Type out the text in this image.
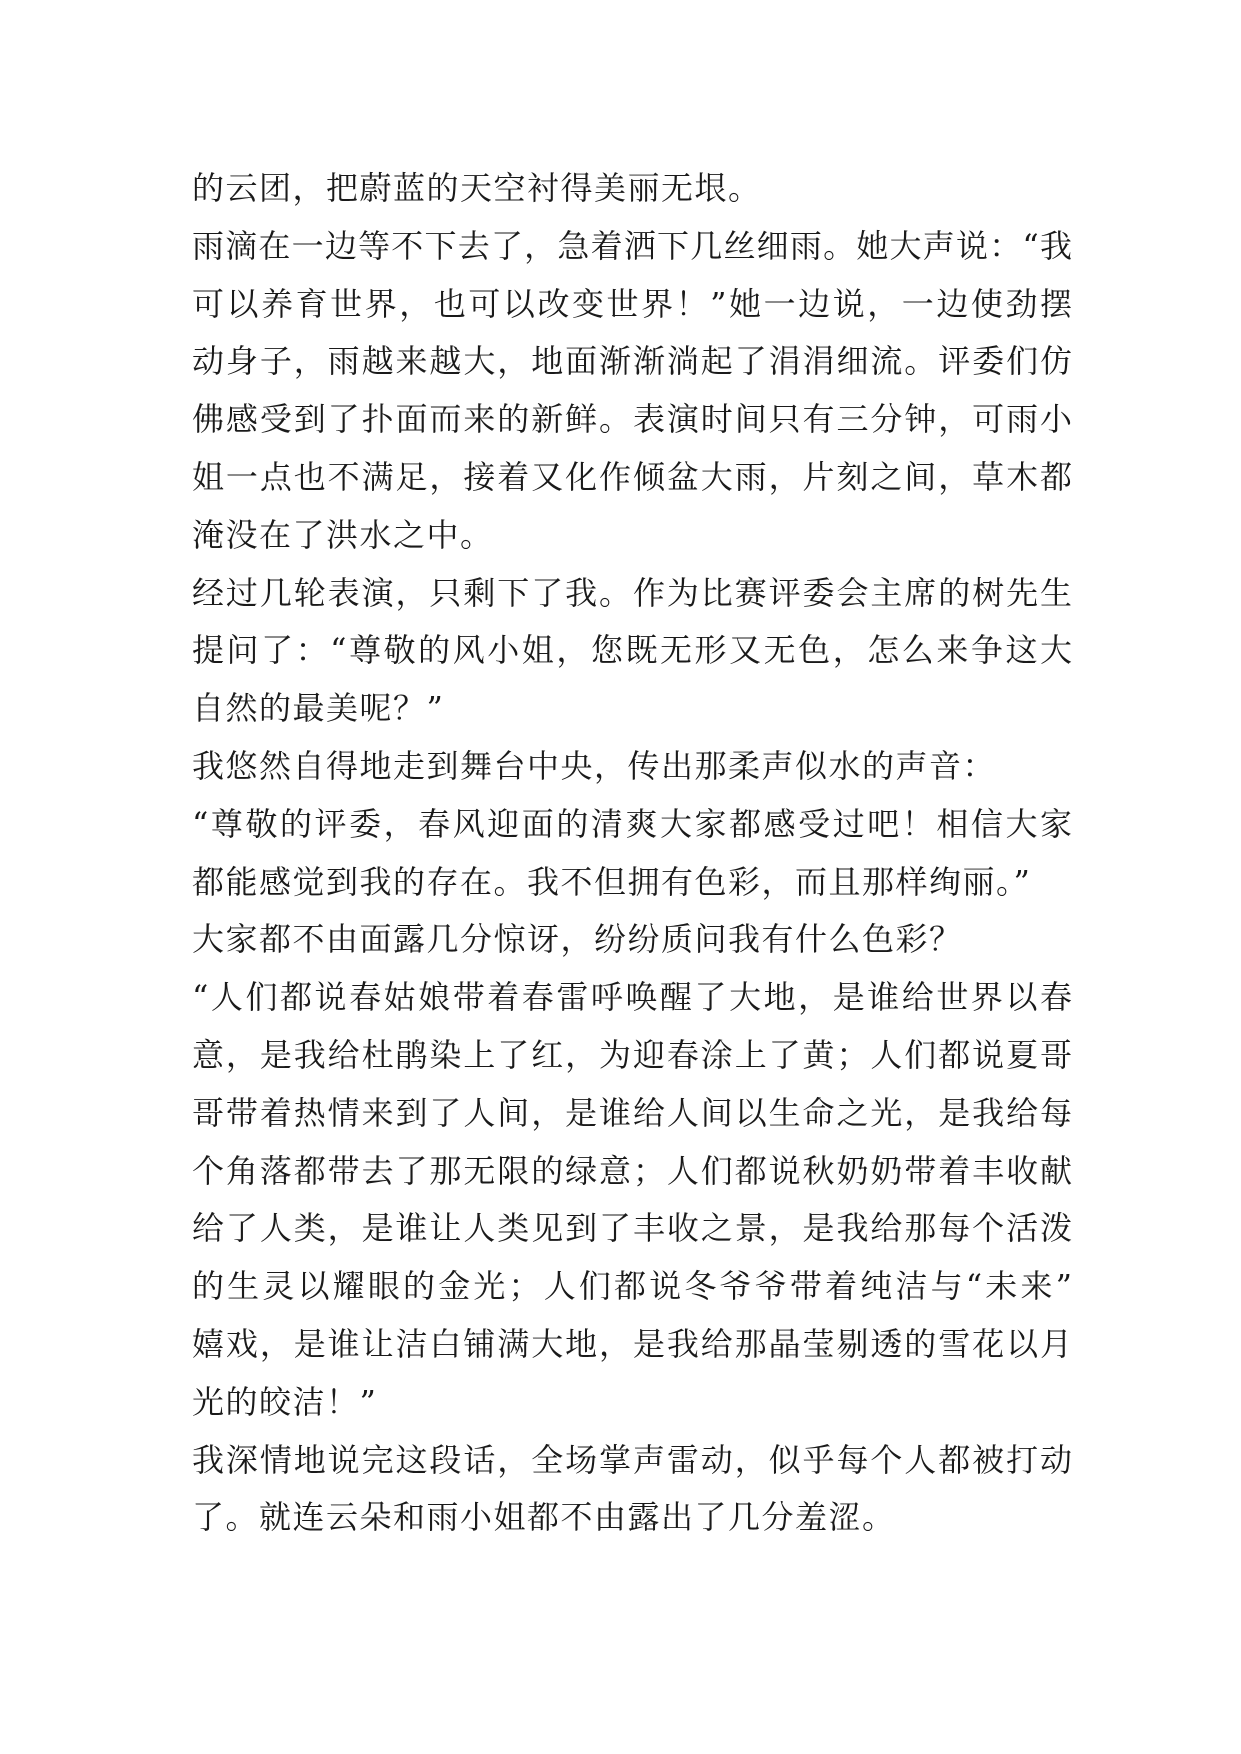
的云团，把蔚蓝的天空衬得美丽无垠。
雨滴在一边等不下去了，急着洒下几丝细雨。她大声说：“我
可以养育世界，也可以改变世界！”她一边说，一边使劲摆
动身子，雨越来越大，地面渐渐淌起了涓涓细流。评委们仿
佛感受到了扑面而来的新鲜。表演时间只有三分钟，可雨小
姐一点也不满足，接着又化作倾盆大雨，片刻之间，草木都
淹没在了洪水之中。
经过几轮表演，只剩下了我。作为比赛评委会主席的树先生
提问了：“尊敬的风小姐，您既无形又无色，怎么来争这大
自然的最美呢？”
我悠然自得地走到舞台中央，传出那柔声似水的声音：
“尊敬的评委，春风迎面的清爽大家都感受过吧！相信大家
都能感觉到我的存在。我不但拥有色彩，而且那样绚丽。”
大家都不由面露几分惊讶，纷纷质问我有什么色彩？
“人们都说春姑娘带着春雷呼唤醒了大地，是谁给世界以春
意，是我给杜鹃染上了红，为迎春涂上了黄；人们都说夏哥
哥带着热情来到了人间，是谁给人间以生命之光，是我给每
个角落都带去了那无限的绿意；人们都说秋奶奶带着丰收献
给了人类，是谁让人类见到了丰收之景，是我给那每个活泼
的生灵以耀眼的金光；人们都说冬爷爷带着纯洁与“未来”
嬉戏，是谁让洁白铺满大地，是我给那晶莹剔透的雪花以月
光的皎洁！”
我深情地说完这段话，全场掌声雷动，似乎每个人都被打动
了。就连云朵和雨小姐都不由露出了几分羞涩。
